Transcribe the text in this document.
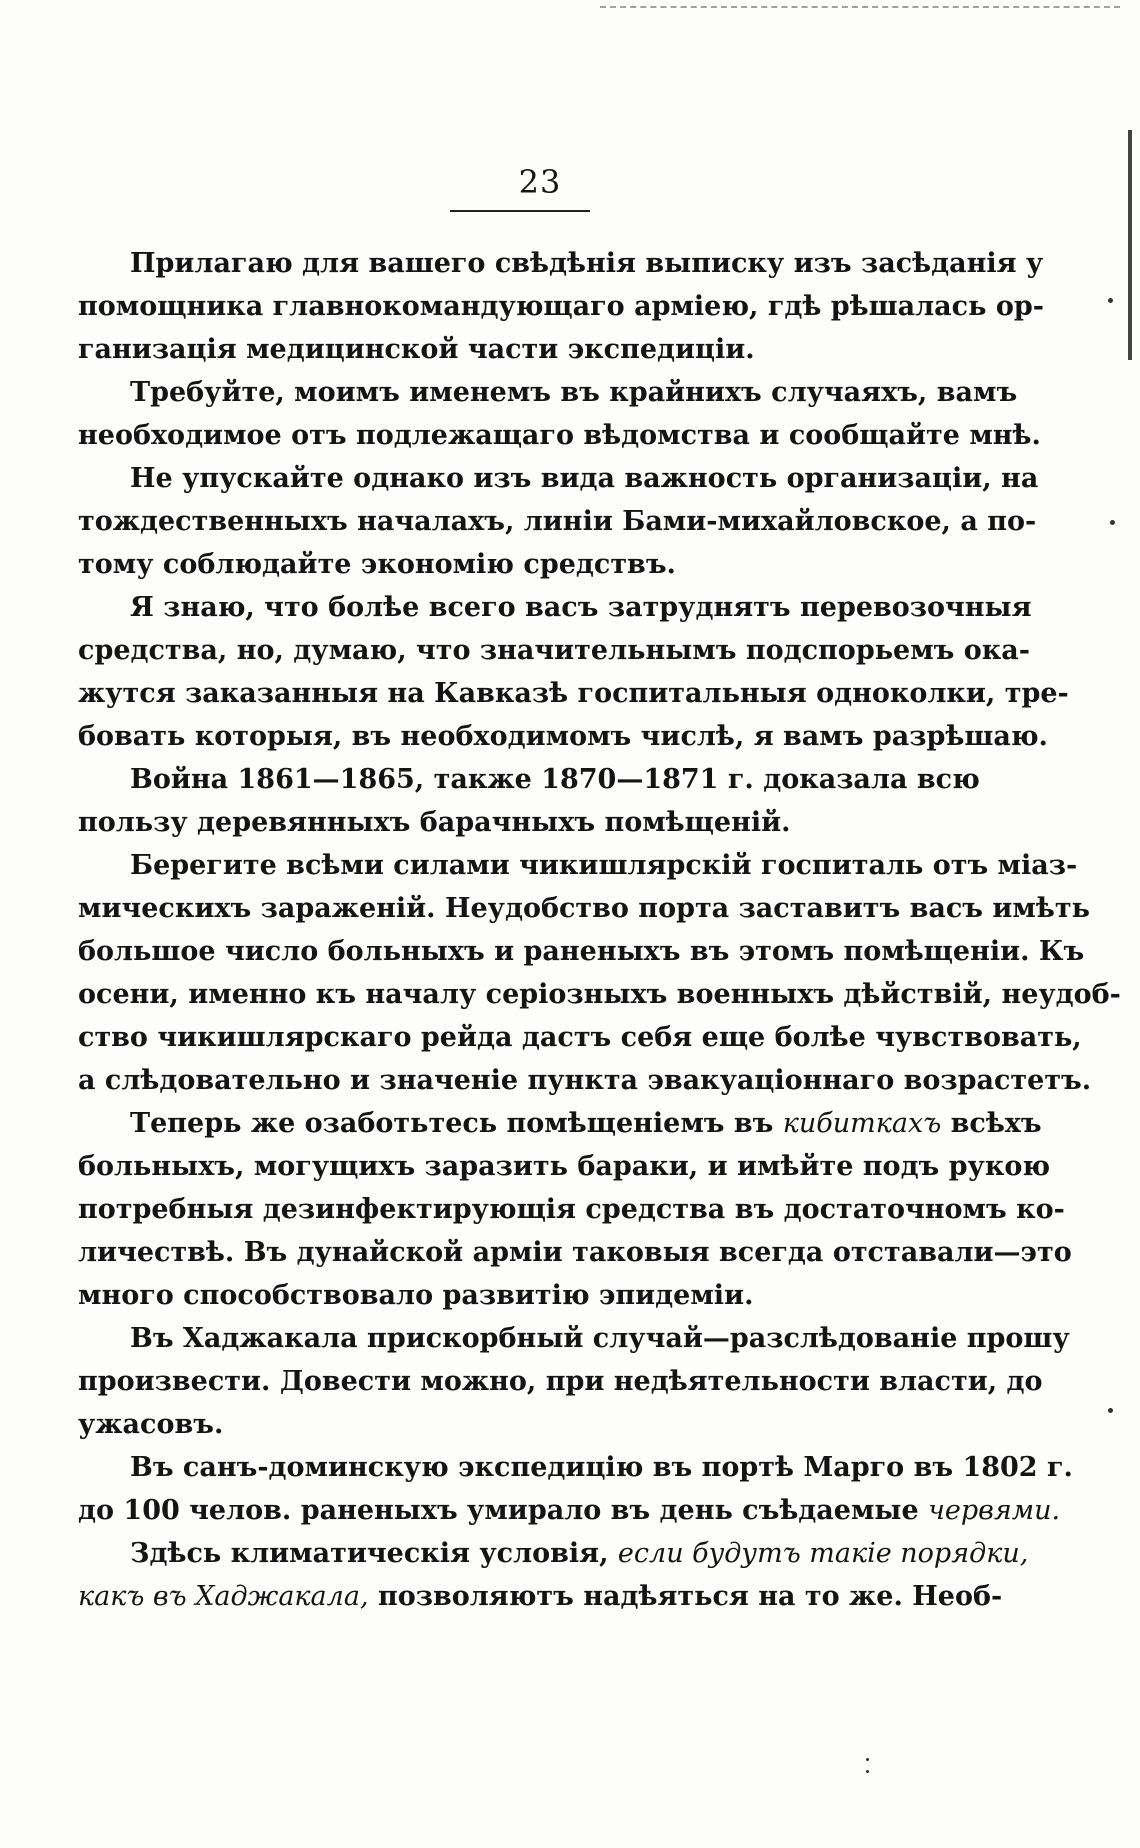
23
Прилагаю для вашего свѣдѣнія выписку изъ засѣданія у
помощника главнокомандующаго арміею, гдѣ рѣшалась ор-
ганизація медицинской части экспедиціи.
Требуйте, моимъ именемъ въ крайнихъ случаяхъ, вамъ
необходимое отъ подлежащаго вѣдомства и сообщайте мнѣ.
Не упускайте однако изъ вида важность организаціи, на
тождественныхъ началахъ, линіи Бами-михайловское, а по-
тому соблюдайте экономію средствъ.
Я знаю, что болѣе всего васъ затруднятъ перевозочныя
средства, но, думаю, что значительнымъ подспорьемъ ока-
жутся заказанныя на Кавказѣ госпитальныя одноколки, тре-
бовать которыя, въ необходимомъ числѣ, я вамъ разрѣшаю.
Война 1861—1865, также 1870—1871 г. доказала всю
пользу деревянныхъ барачныхъ помѣщеній.
Берегите всѣми силами чикишлярскій госпиталь отъ міаз-
мическихъ зараженій. Неудобство порта заставитъ васъ имѣть
большое число больныхъ и раненыхъ въ этомъ помѣщеніи. Къ
осени, именно къ началу серіозныхъ военныхъ дѣйствій, неудоб-
ство чикишлярскаго рейда дастъ себя еще болѣе чувствовать,
а слѣдовательно и значеніе пункта эвакуаціоннаго возрастетъ.
Теперь же озаботьтесь помѣщеніемъ въ кибиткахъ всѣхъ
больныхъ, могущихъ заразить бараки, и имѣйте подъ рукою
потребныя дезинфектирующія средства въ достаточномъ ко-
личествѣ. Въ дунайской арміи таковыя всегда отставали—это
много способствовало развитію эпидеміи.
Въ Хаджакала прискорбный случай—разслѣдованіе прошу
произвести. Довести можно, при недѣятельности власти, до
ужасовъ.
Въ санъ-доминскую экспедицію въ портѣ Марго въ 1802 г.
до 100 челов. раненыхъ умирало въ день съѣдаемые червями.
Здѣсь климатическія условія, если будутъ такіе порядки,
какъ въ Хаджакала, позволяютъ надѣяться на то же. Необ-
